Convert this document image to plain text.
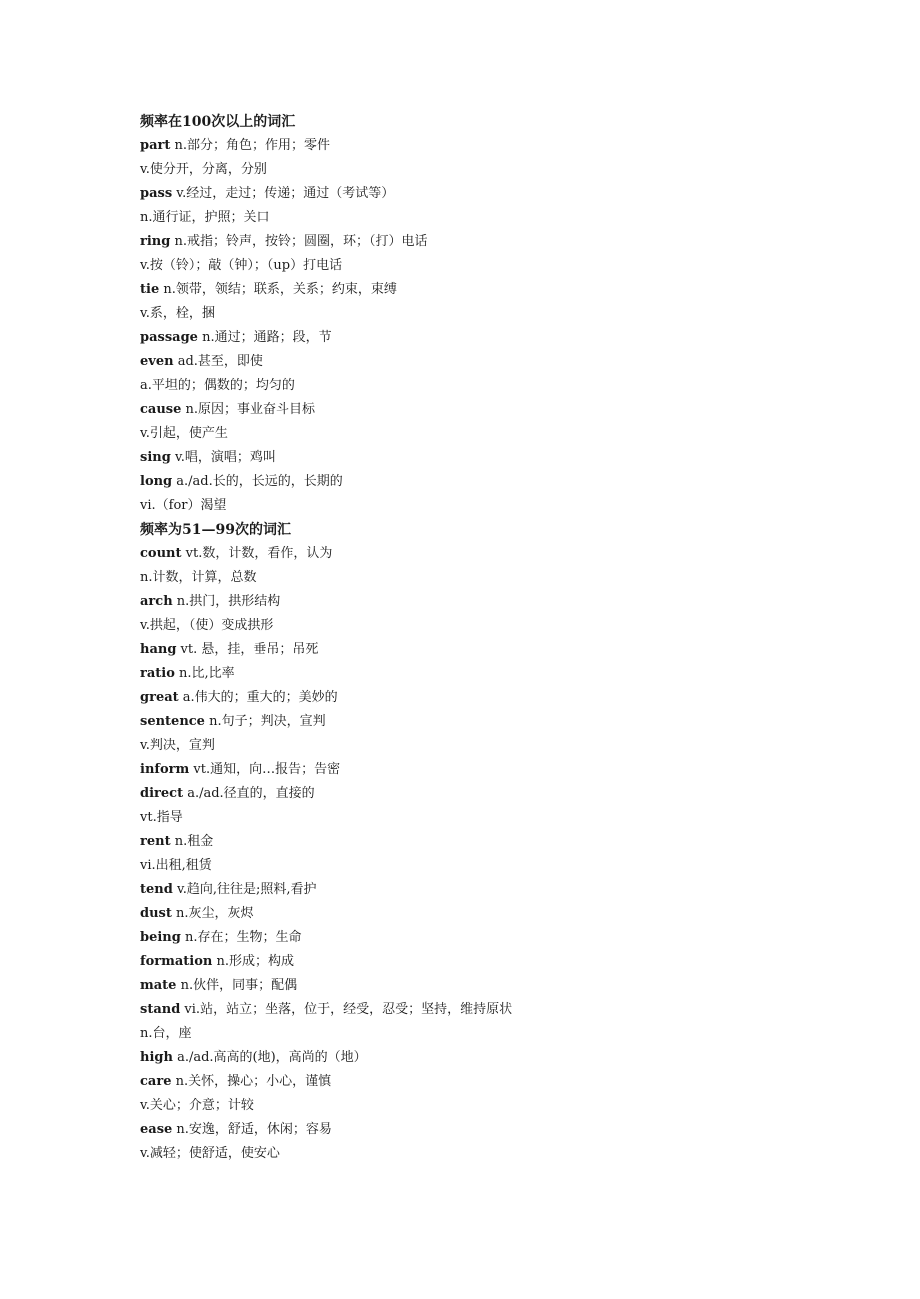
频率在100次以上的词汇
part n.部分；角色；作用；零件
v.使分开，分离，分别
pass v.经过，走过；传递；通过（考试等）
n.通行证，护照；关口
ring n.戒指；铃声，按铃；圆圈，环；（打）电话
v.按（铃）；敲（钟）；（up）打电话
tie n.领带，领结；联系，关系；约束，束缚
v.系，栓，捆
passage n.通过；通路；段，节
even ad.甚至，即使
a.平坦的；偶数的；均匀的
cause n.原因；事业奋斗目标
v.引起，使产生
sing v.唱，演唱；鸡叫
long a./ad.长的，长远的，长期的
vi.（for）渴望
频率为51—99次的词汇
count vt.数，计数，看作，认为
n.计数，计算，总数
arch n.拱门，拱形结构
v.拱起，（使）变成拱形
hang vt. 悬，挂，垂吊；吊死
ratio n.比,比率
great a.伟大的；重大的；美妙的
sentence n.句子；判决，宣判
v.判决，宣判
inform vt.通知，向…报告；告密
direct a./ad.径直的，直接的
vt.指导
rent n.租金
vi.出租,租赁
tend v.趋向,往往是;照料,看护
dust n.灰尘，灰烬
being n.存在；生物；生命
formation n.形成；构成
mate n.伙伴，同事；配偶
stand vi.站，站立；坐落，位于，经受，忍受；坚持，维持原状
n.台，座
high a./ad.高高的(地)，高尚的（地）
care n.关怀，操心；小心，谨慎
v.关心；介意；计较
ease n.安逸，舒适，休闲；容易
v.减轻；使舒适，使安心
